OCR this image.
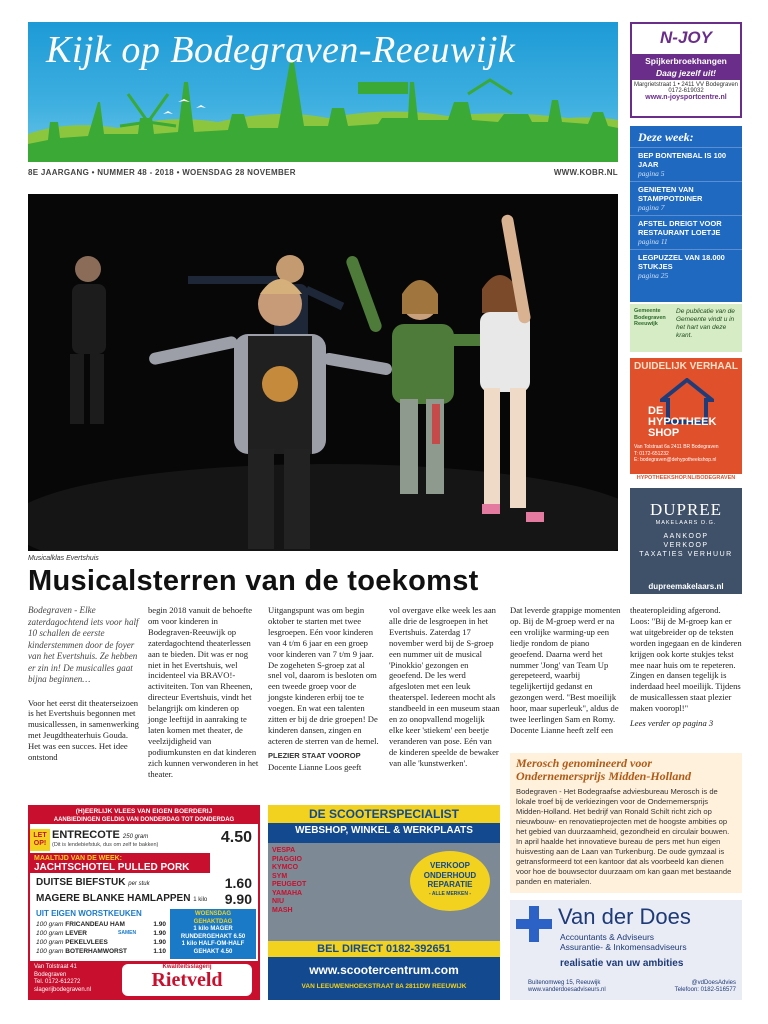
Kijk op Bodegraven-Reeuwijk
8E JAARGANG • NUMMER 48 - 2018 • WOENSDAG 28 NOVEMBER	WWW.KOBR.NL
Musicalklas Evertshuis
Musicalsterren van de toekomst

Bodegraven - Elke zaterdagochtend iets voor half 10 schallen de eerste kinderstemmen door de foyer van het Evertshuis. Ze hebben er zin in! De musicalles gaat bijna beginnen…

Voor het eerst dit theaterseizoen is het Evertshuis begonnen met musicallessen, in samenwerking met Jeugdtheaterhuis Gouda. Het was een succes. Het idee ontstond

begin 2018 vanuit de behoefte om voor kinderen in Bodegraven-Reeuwijk op zaterdagochtend theaterlessen aan te bieden. Dit was er nog niet in het Evertshuis, wel incidenteel via BRAVO!-activiteiten. Ton van Rheenen, directeur Evertshuis, vindt het belangrijk om kinderen op jonge leeftijd in aanraking te laten komen met theater, de veelzijdigheid van podiumkunsten en dat kinderen zich kunnen verwonderen in het theater.

Uitgangspunt was om begin oktober te starten met twee lesgroepen. Eén voor kinderen van 4 t/m 6 jaar en een groep voor kinderen van 7 t/m 9 jaar. De zogeheten S-groep zat al snel vol, daarom is besloten om een tweede groep voor de jongste kinderen erbij toe te voegen. En wat een talenten zitten er bij de drie groepen! De kinderen dansen, zingen en acteren de sterren van de hemel.

PLEZIER STAAT VOOROP

Docente Lianne Loos geeft

vol overgave elke week les aan alle drie de lesgroepen in het Evertshuis. Zaterdag 17 november werd bij de S-groep een nummer uit de musical 'Pinokkio' gezongen en geoefend. De les werd afgesloten met een leuk theaterspel. Iedereen mocht als standbeeld in een museum staan en zo onopvallend mogelijk elke keer 'stiekem' een beetje veranderen van pose. Eén van de kinderen speelde de bewaker van alle 'kunstwerken'.

Dat leverde grappige momenten op. Bij de M-groep werd er na een vrolijke warming-up een liedje rondom de piano geoefend. Daarna werd het nummer 'Jong' van Team Up gerepeteerd, waarbij tegelijkertijd gedanst en gezongen werd. "Best moeilijk hoor, maar superleuk", aldus de twee leerlingen Sam en Romy. Docente Lianne heeft zelf een

theateropleiding afgerond. Loos: "Bij de M-groep kan er wat uitgebreider op de teksten worden ingegaan en de kinderen krijgen ook korte stukjes tekst mee naar huis om te repeteren. Zingen en dansen tegelijk is inderdaad heel moeilijk. Tijdens de musicallessen staat plezier maken vooropl!"

Lees verder op pagina 3

N-JOY
Spijkerbroekhangen
Daag jezelf uit!
Margrietstraat 1 • 2411 VV Bodegraven
0172-619032
www.n-joysportcentre.nl
Deze week:
BEP BONTENBAL IS 100 JAAR
pagina 5
GENIETEN VAN STAMPPOTDINER
pagina 7
AFSTEL DREIGT VOOR RESTAURANT LOETJE
pagina 11
LEGPUZZEL VAN 18.000 STUKJES
pagina 25
Gemeente Bodegraven Reeuwijk
De publicatie van de Gemeente vindt u in het hart van deze krant.
DUIDELIJK VERHAAL
DE
HYPOTHEEK
SHOP
Van Tolstraat 6a 2411 BR Bodegraven
T: 0172-651232
E: bodegraven@dehypotheekshop.nl
HYPOTHEEKSHOP.NL/BODEGRAVEN
DUPREE
MAKELAARS O.G.
AANKOOP
VERKOOP
TAXATIES VERHUUR
dupreemakelaars.nl
Merosch genomineerd voor Ondernemersprijs Midden-Holland

Bodegraven - Het Bodegraafse adviesbureau Merosch is de lokale troef bij de verkiezingen voor de Ondernemersprijs Midden-Holland. Het bedrijf van Ronald Schilt richt zich op nieuwbouw- en renovatieprojecten met de hoogste ambities op het gebied van duurzaamheid, gezondheid en circulair bouwen. In april haalde het innovatieve bureau de pers met hun eigen huisvesting aan de Laan van Turkenburg. De oude gymzaal is getransformeerd tot een kantoor dat als voorbeeld kan dienen voor hoe de bouwsector duurzaam om kan gaan met bestaande panden en materialen.

Van der Does
Accountants & Adviseurs
Assurantie- & Inkomensadviseurs
realisatie van uw ambities
Buitenomweg 15, Reeuwijk
www.vanderdoesadviseurs.nl
@vdDoesAdvies
Telefoon: 0182-516577
DE SCOOTERSPECIALIST
WEBSHOP, WINKEL & WERKPLAATS
VESPA
PIAGGIO
KYMCO
SYM
PEUGEOT
YAMAHA
NIU
MASH
VERKOOP
ONDERHOUD
REPARATIE
- ALLE MERKEN -
BEL DIRECT 0182-392651
www.scootercentrum.com
VAN LEEUWENHOEKSTRAAT 8A 2811DW REEUWIJK
(H)EERLIJK VLEES VAN EIGEN BOERDERIJ
AANBIEDINGEN GELDIG VAN DONDERDAG TOT DONDERDAG
LET OP!
ENTRECOTE 250 gram
(Dit is lendebiefstuk, dus om zelf te bakken)	4.50
MAALTIJD VAN DE WEEK:
JACHTSCHOTEL PULLED PORK
DUITSE BIEFSTUK per stuk	1.60
MAGERE BLANKE HAMLAPPEN 1 kilo 9.90
UIT EIGEN WORSTKEUKEN
100 gram FRICANDEAU HAM	1.90
100 gram LEVER	1.90
100 gram PEKELVLEES	1.90
100 gram BOTERHAMWORST	1.10
SAMEN
WOENSDAG
GEHAKTDAG
1 kilo MAGER RUNDERGEHAKT 6.50
1 kilo HALF-OM-HALF GEHAKT 4.50
Van Tolstraat 41
Bodegraven
Tel. 0172-612272
slagerijbodegraven.nl
Kwaliteitsslagerij
Rietveld
